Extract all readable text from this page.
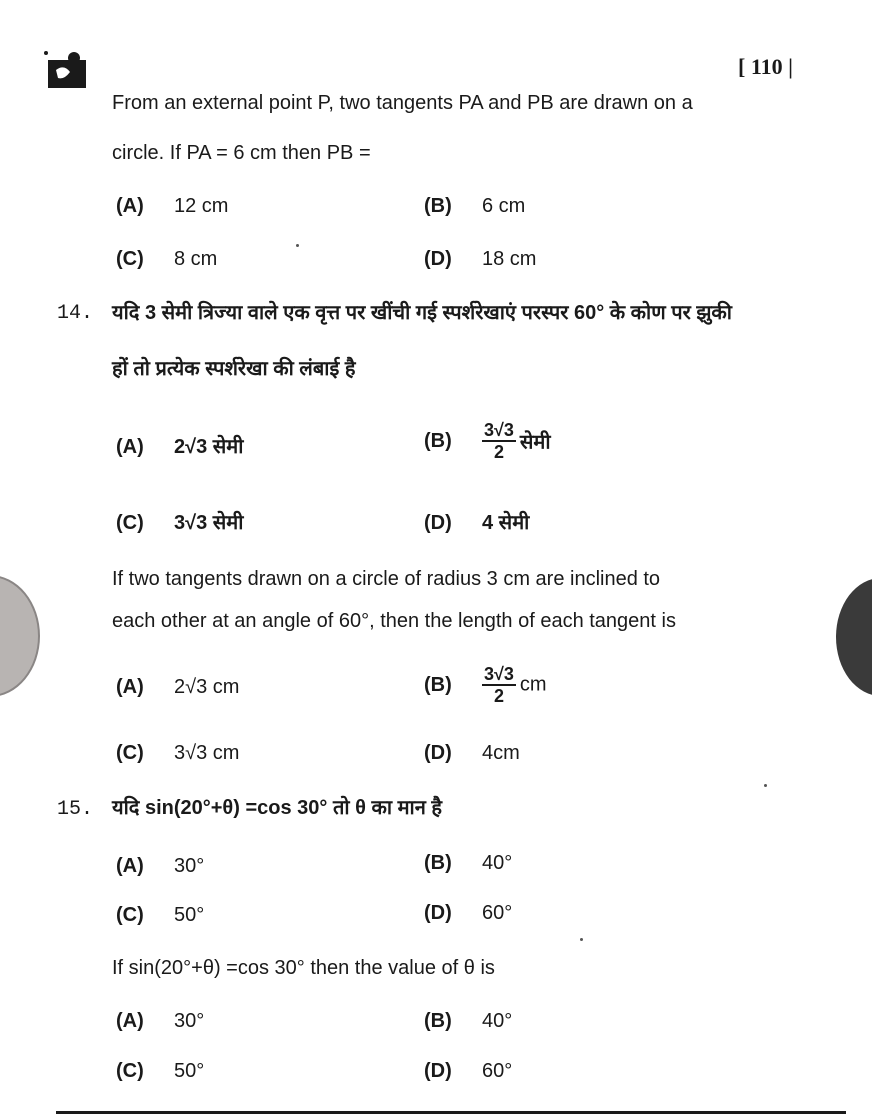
[ 110 |
From an external point P, two tangents PA and PB are drawn on a
circle. If PA = 6 cm then PB =
(A) 12 cm	(B) 6 cm
(C) 8 cm	(D) 18 cm
14. यदि 3 सेमी त्रिज्या वाले एक वृत्त पर खींची गई स्पर्शरेखाएं परस्पर 60° के कोण पर झुकी
हों तो प्रत्येक स्पर्शरेखा की लंबाई है
(A) 2√3 सेमी	$(B) \frac{3√3}{2}$ सेमी
(C) 3√3 सेमी	(D) 4 सेमी
If two tangents drawn on a circle of radius 3 cm are inclined to
each other at an angle of 60°, then the length of each tangent is
(A) 2√3 cm	$(B) \frac{3√3}{2}$ cm
(C) 3√3 cm	(D) 4cm
15. यदि sin(20°+θ) =cos 30° तो θ का मान है
(A) 30°	(B) 40°
(C) 50°	(D) 60°
If sin(20°+θ) =cos 30° then the value of θ is
(A) 30°	(B) 40°
(C) 50°	(D) 60°
